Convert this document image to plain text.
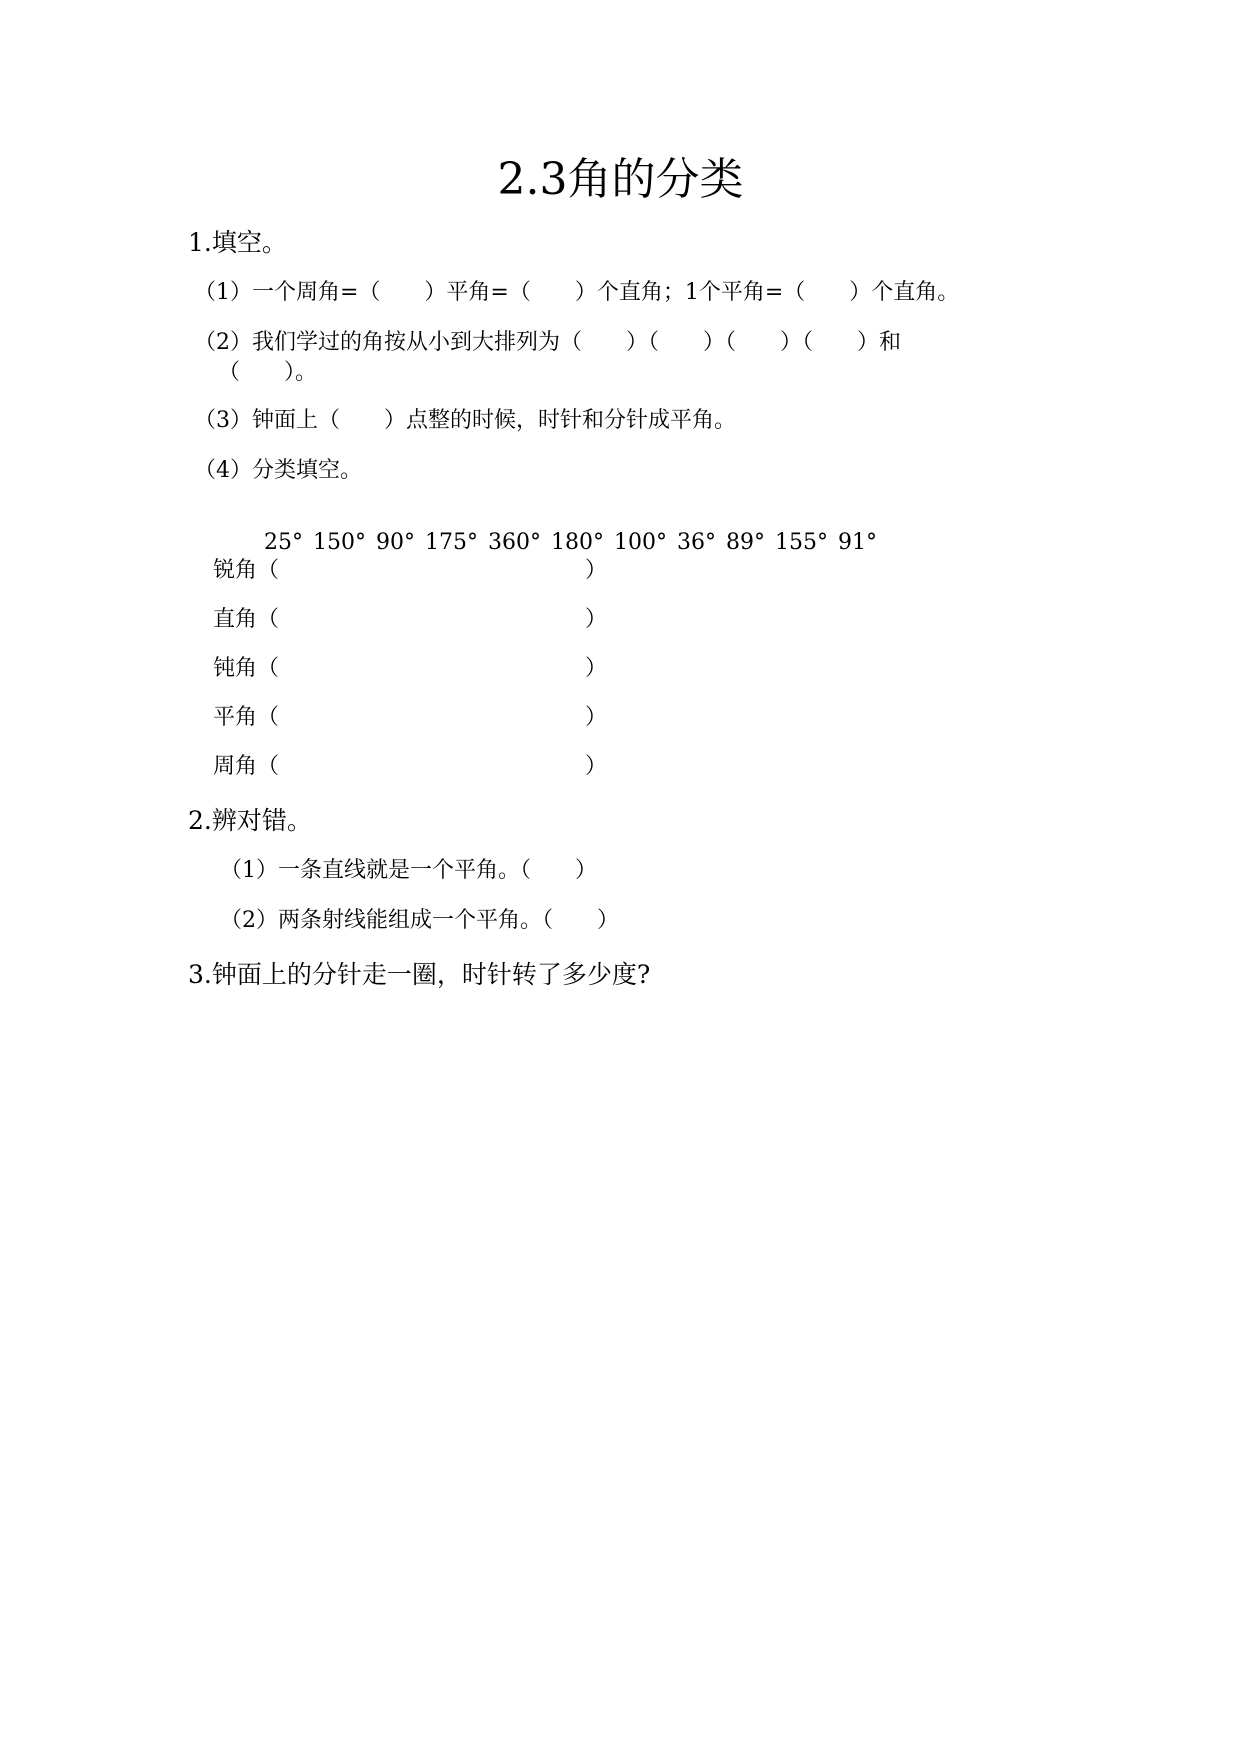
2.3角的分类
1.填空。
（1）一个周角=（　　）平角=（　　）个直角；1个平角=（　　）个直角。
（2）我们学过的角按从小到大排列为（　　）（　　）（　　）（　　）和
（　　）。
（3）钟面上（　　）点整的时候，时针和分针成平角。
（4）分类填空。

25° 150° 90° 175° 360° 180° 100° 36° 89° 155° 91°

锐角（	）
直角（	）
钝角（	）
平角（	）
周角（	）
2.辨对错。
（1）一条直线就是一个平角。（　　）
（2）两条射线能组成一个平角。（　　）
3.钟面上的分针走一圈，时针转了多少度?
